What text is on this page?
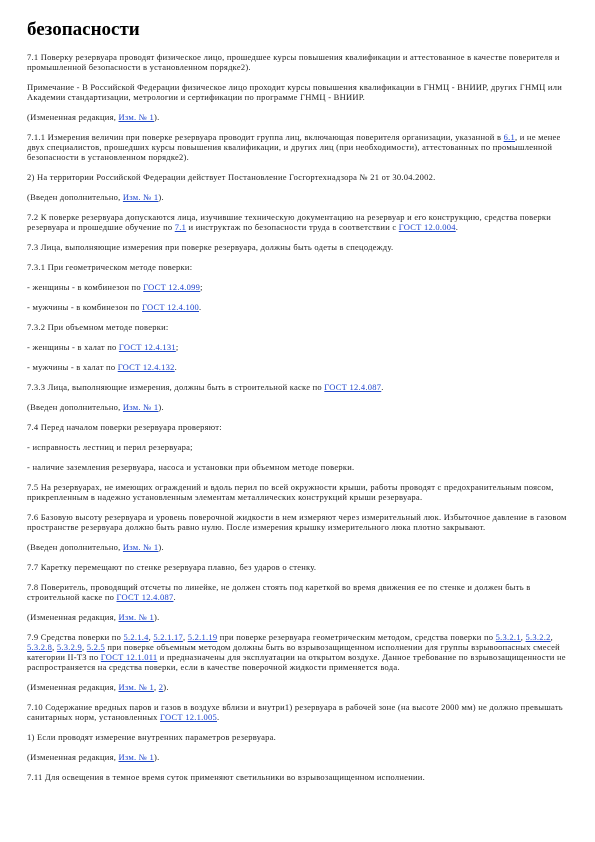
безопасности

7.1 Поверку резервуара проводят физическое лицо, прошедшее курсы повышения квалификации и аттестованное в качестве поверителя и промышленной безопасности в установленном порядке2).

Примечание - В Российской Федерации физическое лицо проходит курсы повышения квалификации в ГНМЦ - ВНИИР, других ГНМЦ или Академии стандартизации, метрологии и сертификации по программе ГНМЦ - ВНИИР.

(Измененная редакция, Изм. № 1).

7.1.1 Измерения величин при поверке резервуара проводит группа лиц, включающая поверителя организации, указанной в 6.1, и не менее двух специалистов, прошедших курсы повышения квалификации, и других лиц (при необходимости), аттестованных по промышленной безопасности в установленном порядке2).

2) На территории Российской Федерации действует Постановление Госгортехнадзора № 21 от 30.04.2002.

(Введен дополнительно, Изм. № 1).

7.2 К поверке резервуара допускаются лица, изучившие техническую документацию на резервуар и его конструкцию, средства поверки резервуара и прошедшие обучение по 7.1 и инструктаж по безопасности труда в соответствии с ГОСТ 12.0.004.

7.3 Лица, выполняющие измерения при поверке резервуара, должны быть одеты в спецодежду.

7.3.1 При геометрическом методе поверки:

- женщины - в комбинезон по ГОСТ 12.4.099;

- мужчины - в комбинезон по ГОСТ 12.4.100.

7.3.2 При объемном методе поверки:

- женщины - в халат по ГОСТ 12.4.131;

- мужчины - в халат по ГОСТ 12.4.132.

7.3.3 Лица, выполняющие измерения, должны быть в строительной каске по ГОСТ 12.4.087.

(Введен дополнительно, Изм. № 1).

7.4 Перед началом поверки резервуара проверяют:

- исправность лестниц и перил резервуара;

- наличие заземления резервуара, насоса и установки при объемном методе поверки.

7.5 На резервуарах, не имеющих ограждений и вдоль перил по всей окружности крыши, работы проводят с предохранительным поясом, прикрепленным в надежно установленным элементам металлических конструкций крыши резервуара.

7.6 Базовую высоту резервуара и уровень поверочной жидкости в нем измеряют через измерительный люк. Избыточное давление в газовом пространстве резервуара должно быть равно нулю. После измерения крышку измерительного люка плотно закрывают.

(Введен дополнительно, Изм. № 1).

7.7 Каретку перемещают по стенке резервуара плавно, без ударов о стенку.

7.8 Поверитель, проводящий отсчеты по линейке, не должен стоять под кареткой во время движения ее по стенке и должен быть в строительной каске по ГОСТ 12.4.087.

(Измененная редакция, Изм. № 1).

7.9 Средства поверки по 5.2.1.4, 5.2.1.17, 5.2.1.19 при поверке резервуара геометрическим методом, средства поверки по 5.3.2.1, 5.3.2.2, 5.3.2.8, 5.3.2.9, 5.2.5 при поверке объемным методом должны быть во взрывозащищенном исполнении для группы взрывоопасных смесей категории II-Т3 по ГОСТ 12.1.011 и предназначены для эксплуатации на открытом воздухе. Данное требование по взрывозащищенности не распространяется на средства поверки, если в качестве поверочной жидкости применяется вода.

(Измененная редакция, Изм. № 1, 2).

7.10 Содержание вредных паров и газов в воздухе вблизи и внутри1) резервуара в рабочей зоне (на высоте 2000 мм) не должно превышать санитарных норм, установленных ГОСТ 12.1.005.

1) Если проводят измерение внутренних параметров резервуара.

(Измененная редакция, Изм. № 1).

7.11 Для освещения в темное время суток применяют светильники во взрывозащищенном исполнении.
